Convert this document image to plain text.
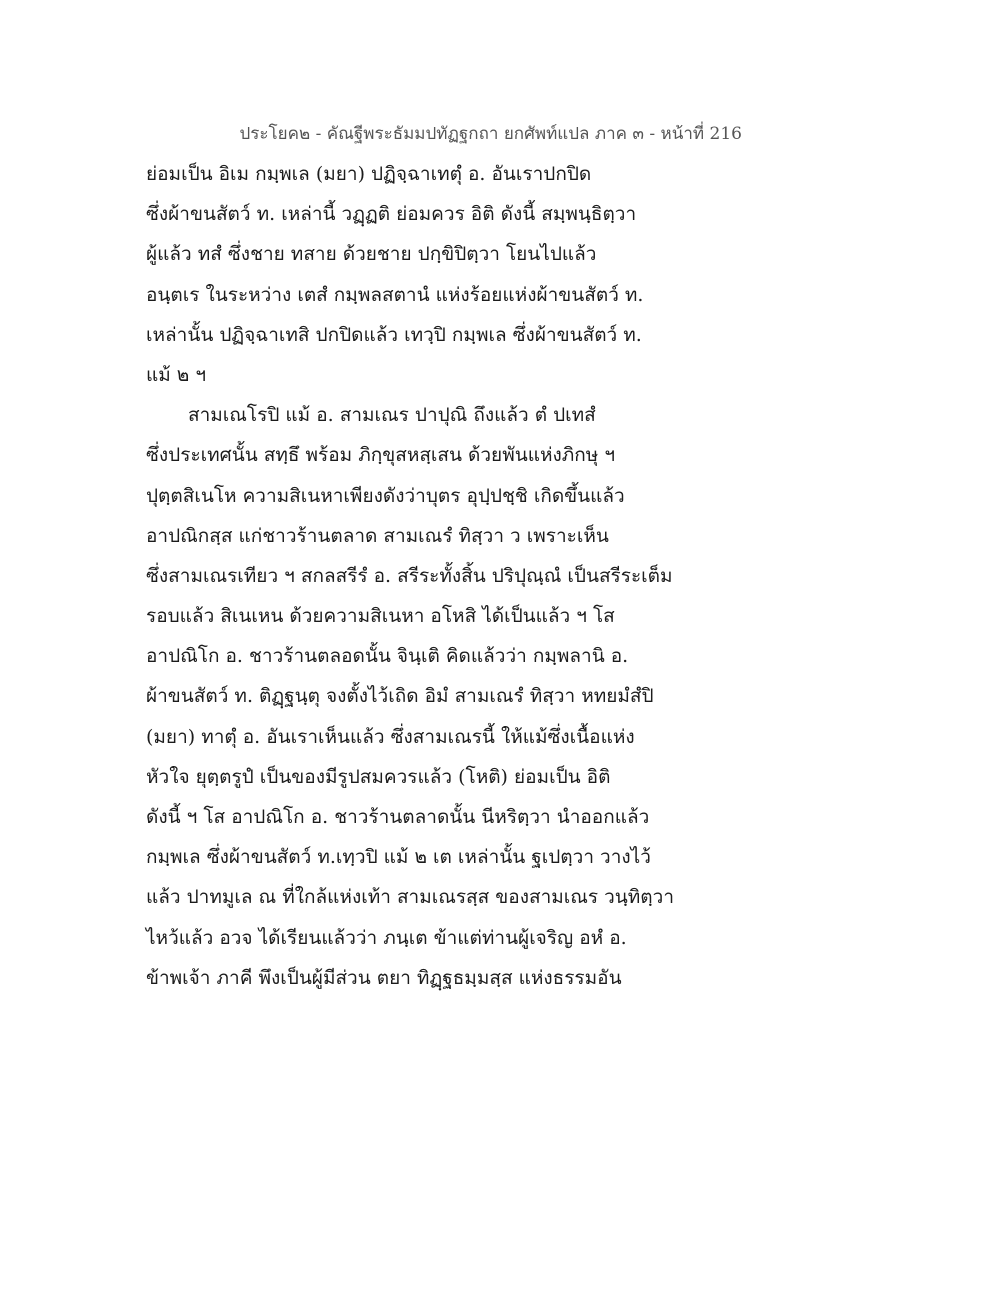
ประโยค๒ - คัณฐีพระธัมมปทัฏฐกถา ยกศัพท์แปล ภาค ๓ - หน้าที่ 216
ย่อมเป็น อิเม กมฺพเล (มยา) ปฏิจฺฉาเทตุํ อ. อันเราปกปิด
ซึ่งผ้าขนสัตว์ ท. เหล่านี้ วฏฺฏติ ย่อมควร อิติ ดังนี้ สมฺพนฺธิตฺวา
ผู้แล้ว ทสํ ซึ่งชาย ทสาย ด้วยชาย ปกฺขิปิตฺวา โยนไปแล้ว
อนฺตเร ในระหว่าง เตสํ กมฺพลสตานํ แห่งร้อยแห่งผ้าขนสัตว์ ท.
เหล่านั้น ปฏิจฺฉาเทสิ ปกปิดแล้ว เทวฺปิ กมฺพเล ซึ่งผ้าขนสัตว์ ท.
แม้ ๒ ฯ
สามเณโรปิ แม้ อ. สามเณร ปาปุณิ ถึงแล้ว ตํ ปเทสํ
ซึ่งประเทศนั้น สทฺธึ พร้อม ภิกฺขุสหสฺเสน ด้วยพันแห่งภิกษุ ฯ
ปุตฺตสิเนโห ความสิเนหาเพียงดังว่าบุตร อุปฺปชฺชิ เกิดขึ้นแล้ว
อาปณิกสฺส แก่ชาวร้านตลาด สามเณรํ ทิสฺวา ว เพราะเห็น
ซึ่งสามเณรเทียว ฯ สกลสรีรํ อ. สรีระทั้งสิ้น ปริปุณฺณํ เป็นสรีระเต็ม
รอบแล้ว สิเนเหน ด้วยความสิเนหา อโหสิ ได้เป็นแล้ว ฯ โส
อาปณิโก อ. ชาวร้านตลอดนั้น จินฺเติ คิดแล้วว่า กมฺพลานิ อ.
ผ้าขนสัตว์ ท. ติฏฺฐนฺตุ จงตั้งไว้เถิด อิมํ สามเณรํ ทิสฺวา หทยมํสํปิ
(มยา) ทาตุํ อ. อันเราเห็นแล้ว ซึ่งสามเณรนี้ ให้แม้ซึ่งเนื้อแห่ง
หัวใจ ยุตฺตรูปํ เป็นของมีรูปสมควรแล้ว (โหติ) ย่อมเป็น อิติ
ดังนี้ ฯ โส อาปณิโก อ. ชาวร้านตลาดนั้น นีหริตฺวา นำออกแล้ว
กมฺพเล ซึ่งผ้าขนสัตว์ ท.เทฺวปิ แม้ ๒ เต เหล่านั้น ฐเปตฺวา วางไว้
แล้ว ปาทมูเล ณ ที่ใกล้แห่งเท้า สามเณรสฺส ของสามเณร วนฺทิตฺวา
ไหว้แล้ว อวจ ได้เรียนแล้วว่า ภนฺเต ข้าแต่ท่านผู้เจริญ อหํ อ.
ข้าพเจ้า ภาคี พึงเป็นผู้มีส่วน ตยา ทิฏฺฐธมฺมสฺส แห่งธรรมอัน
